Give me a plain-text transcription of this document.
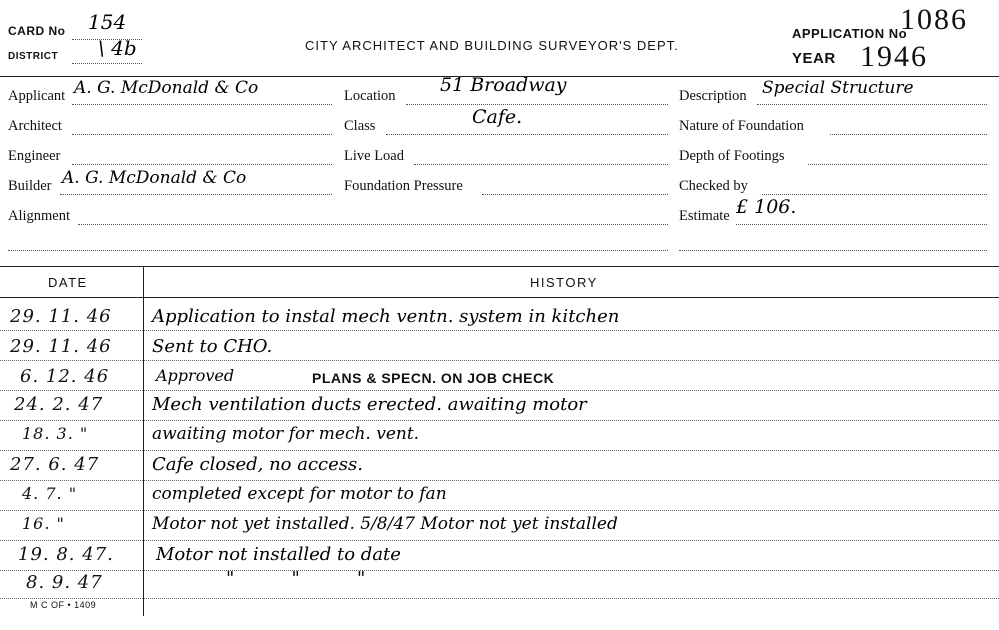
CARD No 154
DISTRICT \ 4b	CITY ARCHITECT AND BUILDING SURVEYOR'S DEPT.
APPLICATION No
1086
YEAR 1946
Applicant A. G. McDonald & Co
Architect
Engineer
Builder A. G. McDonald & Co
Alignment
Location 51 Broadway
Class	Cafe.
Live Load
Foundation Pressure
Description Special Structure
Nature of Foundation
Depth of Footings
Checked by
Estimate £ 106.
DATE	HISTORY
29. 11. 46 Application to instal mech ventn. system in kitchen
29. 11. 46 Sent to CHO.
6. 12. 46	Approved	PLANS & SPECN. ON JOB CHECK
24. 2. 47	Mech ventilation ducts erected. awaiting motor
18. 3. "	awaiting motor for mech. vent.
27. 6. 47	Cafe closed, no access.
4. 7. "	completed except for motor to fan
16. "	Motor not yet installed. 5/8/47 Motor not yet installed
19. 8. 47. Motor not installed to date
8. 9. 47	"          "          "
M C OF • 1409
